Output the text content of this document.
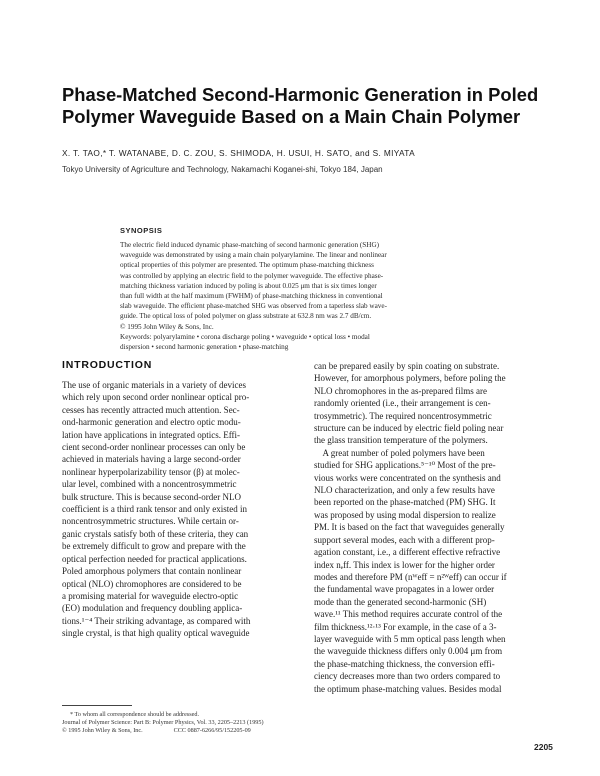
Phase-Matched Second-Harmonic Generation in Poled
Polymer Waveguide Based on a Main Chain Polymer
X. T. TAO,* T. WATANABE, D. C. ZOU, S. SHIMODA, H. USUI, H. SATO, and S. MIYATA
Tokyo University of Agriculture and Technology, Nakamachi Koganei-shi, Tokyo 184, Japan
SYNOPSIS
The electric field induced dynamic phase-matching of second harmonic generation (SHG)
waveguide was demonstrated by using a main chain polyarylamine. The linear and nonlinear
optical properties of this polymer are presented. The optimum phase-matching thickness
was controlled by applying an electric field to the polymer waveguide. The effective phase-
matching thickness variation induced by poling is about 0.025 μm that is six times longer
than full width at the half maximum (FWHM) of phase-matching thickness in conventional
slab waveguide. The efficient phase-matched SHG was observed from a taperless slab wave-
guide. The optical loss of poled polymer on glass substrate at 632.8 nm was 2.7 dB/cm.
© 1995 John Wiley & Sons, Inc.
Keywords: polyarylamine • corona discharge poling • waveguide • optical loss • modal
dispersion • second harmonic generation • phase-matching
INTRODUCTION
The use of organic materials in a variety of devices
which rely upon second order nonlinear optical pro-
cesses has recently attracted much attention. Sec-
ond-harmonic generation and electro optic modu-
lation have applications in integrated optics. Effi-
cient second-order nonlinear processes can only be
achieved in materials having a large second-order
nonlinear hyperpolarizability tensor (β) at molec-
ular level, combined with a noncentrosymmetric
bulk structure. This is because second-order NLO
coefficient is a third rank tensor and only existed in
noncentrosymmetric structures. While certain or-
ganic crystals satisfy both of these criteria, they can
be extremely difficult to grow and prepare with the
optical perfection needed for practical applications.
Poled amorphous polymers that contain nonlinear
optical (NLO) chromophores are considered to be
a promising material for waveguide electro-optic
(EO) modulation and frequency doubling applica-
tions.¹⁻⁴ Their striking advantage, as compared with
single crystal, is that high quality optical waveguide
can be prepared easily by spin coating on substrate.
However, for amorphous polymers, before poling the
NLO chromophores in the as-prepared films are
randomly oriented (i.e., their arrangement is cen-
trosymmetric). The required noncentrosymmetric
structure can be induced by electric field poling near
the glass transition temperature of the polymers.
A great number of poled polymers have been
studied for SHG applications.⁵⁻¹⁰ Most of the pre-
vious works were concentrated on the synthesis and
NLO characterization, and only a few results have
been reported on the phase-matched (PM) SHG. It
was proposed by using modal dispersion to realize
PM. It is based on the fact that waveguides generally
support several modes, each with a different prop-
agation constant, i.e., a different effective refractive
index nₑff. This index is lower for the higher order
modes and therefore PM (nᵂeff = n²ᵂeff) can occur if
the fundamental wave propagates in a lower order
mode than the generated second-harmonic (SH)
wave.¹¹ This method requires accurate control of the
film thickness.¹²·¹³ For example, in the case of a 3-
layer waveguide with 5 mm optical pass length when
the waveguide thickness differs only 0.004 μm from
the phase-matching thickness, the conversion effi-
ciency decreases more than two orders compared to
the optimum phase-matching values. Besides modal
* To whom all correspondence should be addressed.
Journal of Polymer Science: Part B: Polymer Physics, Vol. 33, 2205–2213 (1995)
© 1995 John Wiley & Sons, Inc.                    CCC 0887-6266/95/152205-09
2205
